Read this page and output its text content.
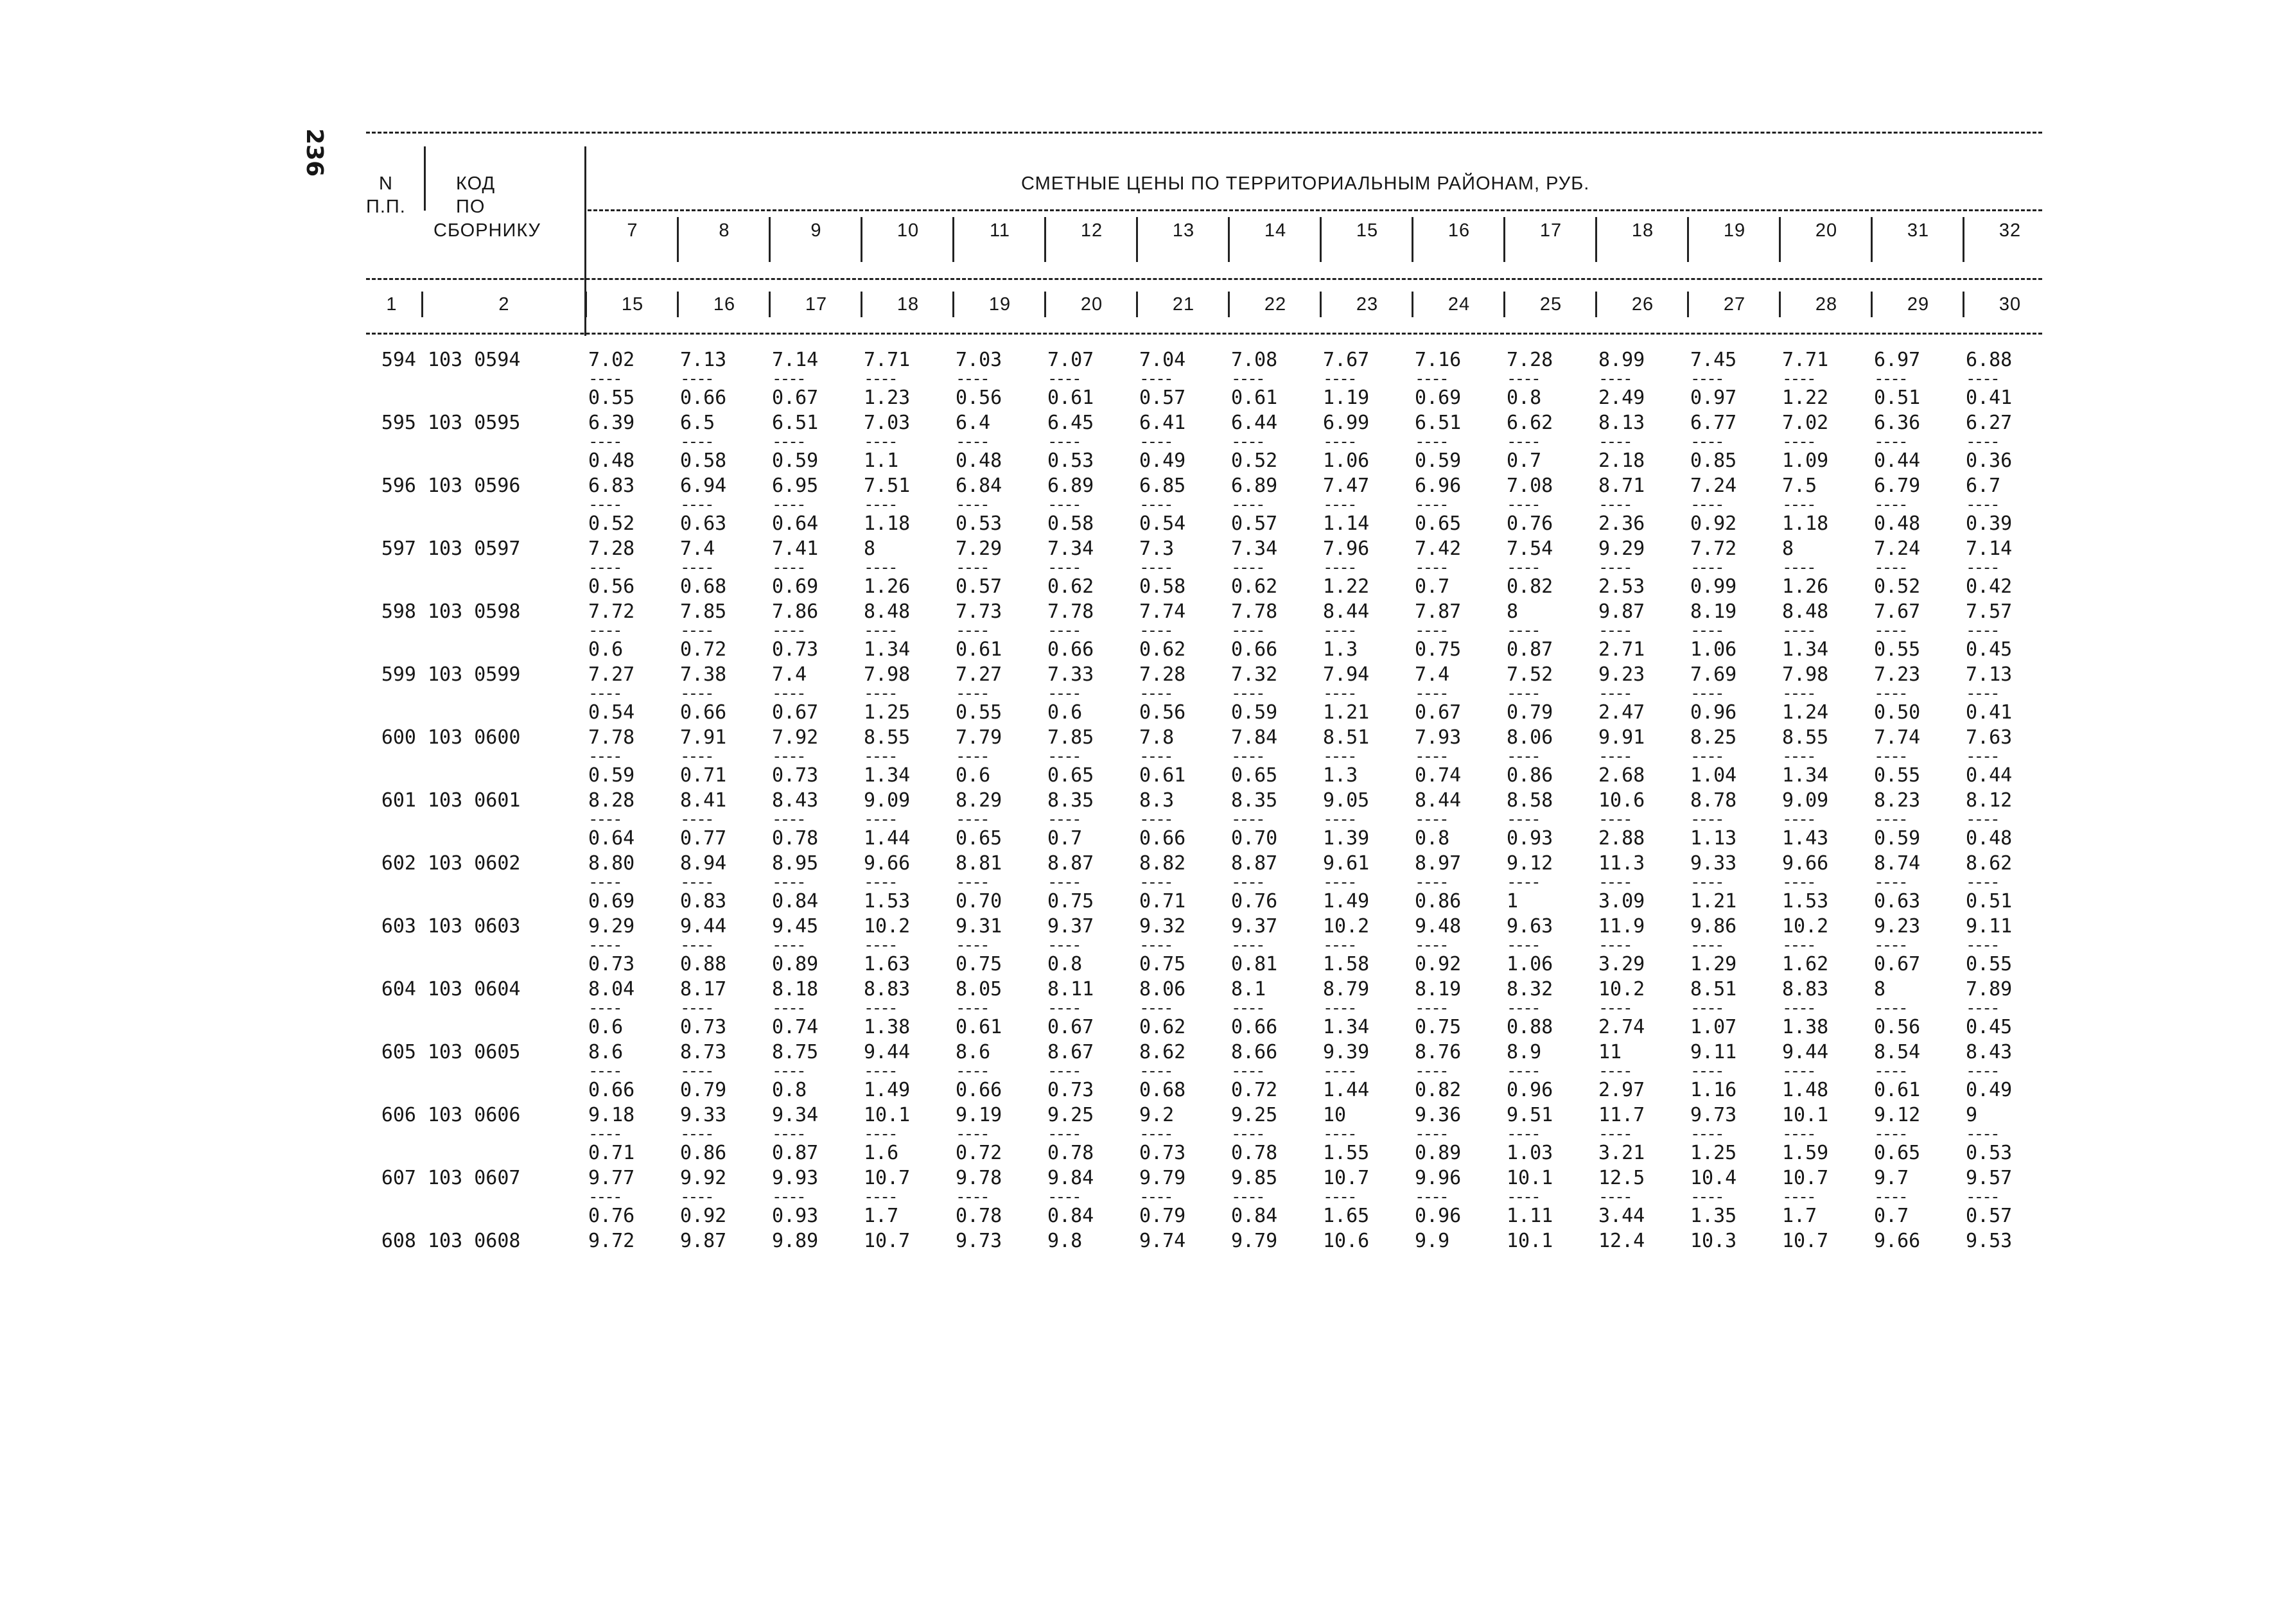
236
N
П.П.
КОД
ПО
СБОРНИКУ
СМЕТНЫЕ ЦЕНЫ ПО ТЕРРИТОРИАЛЬНЫМ РАЙОНАМ, РУБ.
7	8	9	10	11	12	13	14	15	16	17	18	19	20	31	32
1	2	15	16	17	18	19	20	21	22	23	24	25	26	27	28	29	30
594 103 0594	7.02	7.13	7.14	7.71	7.03	7.07	7.04	7.08	7.67	7.16	7.28	8.99	7.45	7.71	6.97	6.88
----	----	----	----	----	----	----	----	----	----	----	----	----	----	----	----
0.55	0.66	0.67	1.23	0.56	0.61	0.57	0.61	1.19	0.69	0.8	2.49	0.97	1.22	0.51	0.41
595 103 0595	6.39	6.5	6.51	7.03	6.4	6.45	6.41	6.44	6.99	6.51	6.62	8.13	6.77	7.02	6.36	6.27
----	----	----	----	----	----	----	----	----	----	----	----	----	----	----	----
0.48	0.58	0.59	1.1	0.48	0.53	0.49	0.52	1.06	0.59	0.7	2.18	0.85	1.09	0.44	0.36
596 103 0596	6.83	6.94	6.95	7.51	6.84	6.89	6.85	6.89	7.47	6.96	7.08	8.71	7.24	7.5	6.79	6.7
----	----	----	----	----	----	----	----	----	----	----	----	----	----	----	----
0.52	0.63	0.64	1.18	0.53	0.58	0.54	0.57	1.14	0.65	0.76	2.36	0.92	1.18	0.48	0.39
597 103 0597	7.28	7.4	7.41	8	7.29	7.34	7.3	7.34	7.96	7.42	7.54	9.29	7.72	8	7.24	7.14
----	----	----	----	----	----	----	----	----	----	----	----	----	----	----	----
0.56	0.68	0.69	1.26	0.57	0.62	0.58	0.62	1.22	0.7	0.82	2.53	0.99	1.26	0.52	0.42
598 103 0598	7.72	7.85	7.86	8.48	7.73	7.78	7.74	7.78	8.44	7.87	8	9.87	8.19	8.48	7.67	7.57
----	----	----	----	----	----	----	----	----	----	----	----	----	----	----	----
0.6	0.72	0.73	1.34	0.61	0.66	0.62	0.66	1.3	0.75	0.87	2.71	1.06	1.34	0.55	0.45
599 103 0599	7.27	7.38	7.4	7.98	7.27	7.33	7.28	7.32	7.94	7.4	7.52	9.23	7.69	7.98	7.23	7.13
----	----	----	----	----	----	----	----	----	----	----	----	----	----	----	----
0.54	0.66	0.67	1.25	0.55	0.6	0.56	0.59	1.21	0.67	0.79	2.47	0.96	1.24	0.50	0.41
600 103 0600	7.78	7.91	7.92	8.55	7.79	7.85	7.8	7.84	8.51	7.93	8.06	9.91	8.25	8.55	7.74	7.63
----	----	----	----	----	----	----	----	----	----	----	----	----	----	----	----
0.59	0.71	0.73	1.34	0.6	0.65	0.61	0.65	1.3	0.74	0.86	2.68	1.04	1.34	0.55	0.44
601 103 0601	8.28	8.41	8.43	9.09	8.29	8.35	8.3	8.35	9.05	8.44	8.58	10.6	8.78	9.09	8.23	8.12
----	----	----	----	----	----	----	----	----	----	----	----	----	----	----	----
0.64	0.77	0.78	1.44	0.65	0.7	0.66	0.70	1.39	0.8	0.93	2.88	1.13	1.43	0.59	0.48
602 103 0602	8.80	8.94	8.95	9.66	8.81	8.87	8.82	8.87	9.61	8.97	9.12	11.3	9.33	9.66	8.74	8.62
----	----	----	----	----	----	----	----	----	----	----	----	----	----	----	----
0.69	0.83	0.84	1.53	0.70	0.75	0.71	0.76	1.49	0.86	1	3.09	1.21	1.53	0.63	0.51
603 103 0603	9.29	9.44	9.45	10.2	9.31	9.37	9.32	9.37	10.2	9.48	9.63	11.9	9.86	10.2	9.23	9.11
----	----	----	----	----	----	----	----	----	----	----	----	----	----	----	----
0.73	0.88	0.89	1.63	0.75	0.8	0.75	0.81	1.58	0.92	1.06	3.29	1.29	1.62	0.67	0.55
604 103 0604	8.04	8.17	8.18	8.83	8.05	8.11	8.06	8.1	8.79	8.19	8.32	10.2	8.51	8.83	8	7.89
----	----	----	----	----	----	----	----	----	----	----	----	----	----	----	----
0.6	0.73	0.74	1.38	0.61	0.67	0.62	0.66	1.34	0.75	0.88	2.74	1.07	1.38	0.56	0.45
605 103 0605	8.6	8.73	8.75	9.44	8.6	8.67	8.62	8.66	9.39	8.76	8.9	11	9.11	9.44	8.54	8.43
----	----	----	----	----	----	----	----	----	----	----	----	----	----	----	----
0.66	0.79	0.8	1.49	0.66	0.73	0.68	0.72	1.44	0.82	0.96	2.97	1.16	1.48	0.61	0.49
606 103 0606	9.18	9.33	9.34	10.1	9.19	9.25	9.2	9.25	10	9.36	9.51	11.7	9.73	10.1	9.12	9
----	----	----	----	----	----	----	----	----	----	----	----	----	----	----	----
0.71	0.86	0.87	1.6	0.72	0.78	0.73	0.78	1.55	0.89	1.03	3.21	1.25	1.59	0.65	0.53
607 103 0607	9.77	9.92	9.93	10.7	9.78	9.84	9.79	9.85	10.7	9.96	10.1	12.5	10.4	10.7	9.7	9.57
----	----	----	----	----	----	----	----	----	----	----	----	----	----	----	----
0.76	0.92	0.93	1.7	0.78	0.84	0.79	0.84	1.65	0.96	1.11	3.44	1.35	1.7	0.7	0.57
608 103 0608	9.72	9.87	9.89	10.7	9.73	9.8	9.74	9.79	10.6	9.9	10.1	12.4	10.3	10.7	9.66	9.53
